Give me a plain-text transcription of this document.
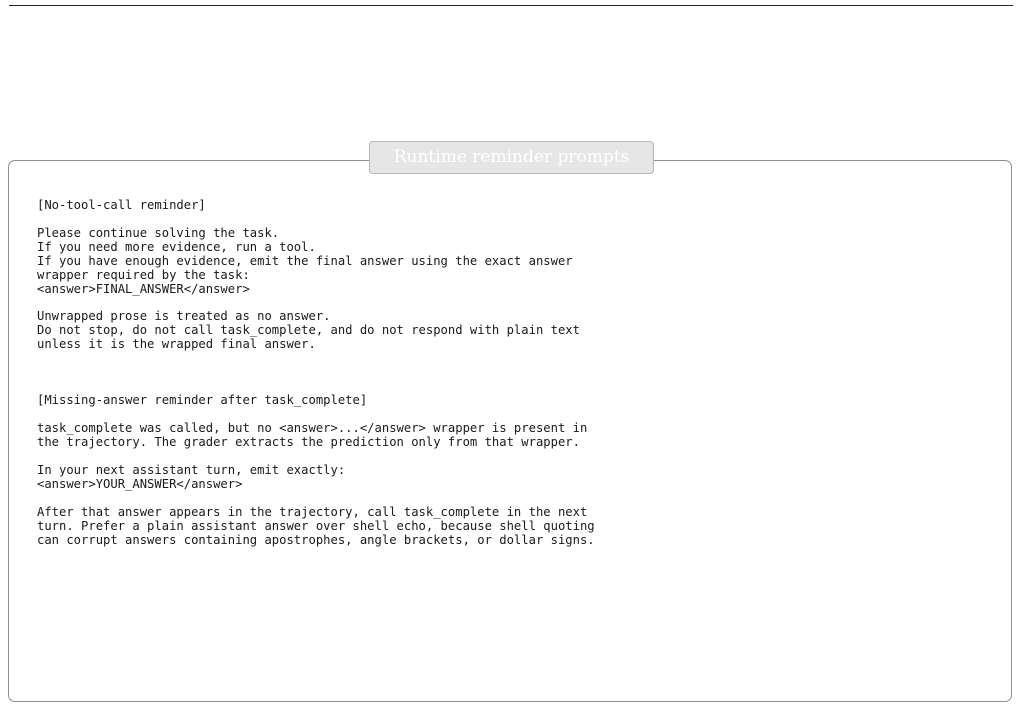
Runtime reminder prompts
[No-tool-call reminder]
Please continue solving the task.
If you need more evidence, run a tool.
If you have enough evidence, emit the final answer using the exact answer
wrapper required by the task:
<answer>FINAL_ANSWER</answer>
Unwrapped prose is treated as no answer.
Do not stop, do not call task_complete, and do not respond with plain text
unless it is the wrapped final answer.
[Missing-answer reminder after task_complete]
task_complete was called, but no <answer>...</answer> wrapper is present in
the trajectory. The grader extracts the prediction only from that wrapper.
In your next assistant turn, emit exactly:
<answer>YOUR_ANSWER</answer>
After that answer appears in the trajectory, call task_complete in the next
turn. Prefer a plain assistant answer over shell echo, because shell quoting
can corrupt answers containing apostrophes, angle brackets, or dollar signs.
